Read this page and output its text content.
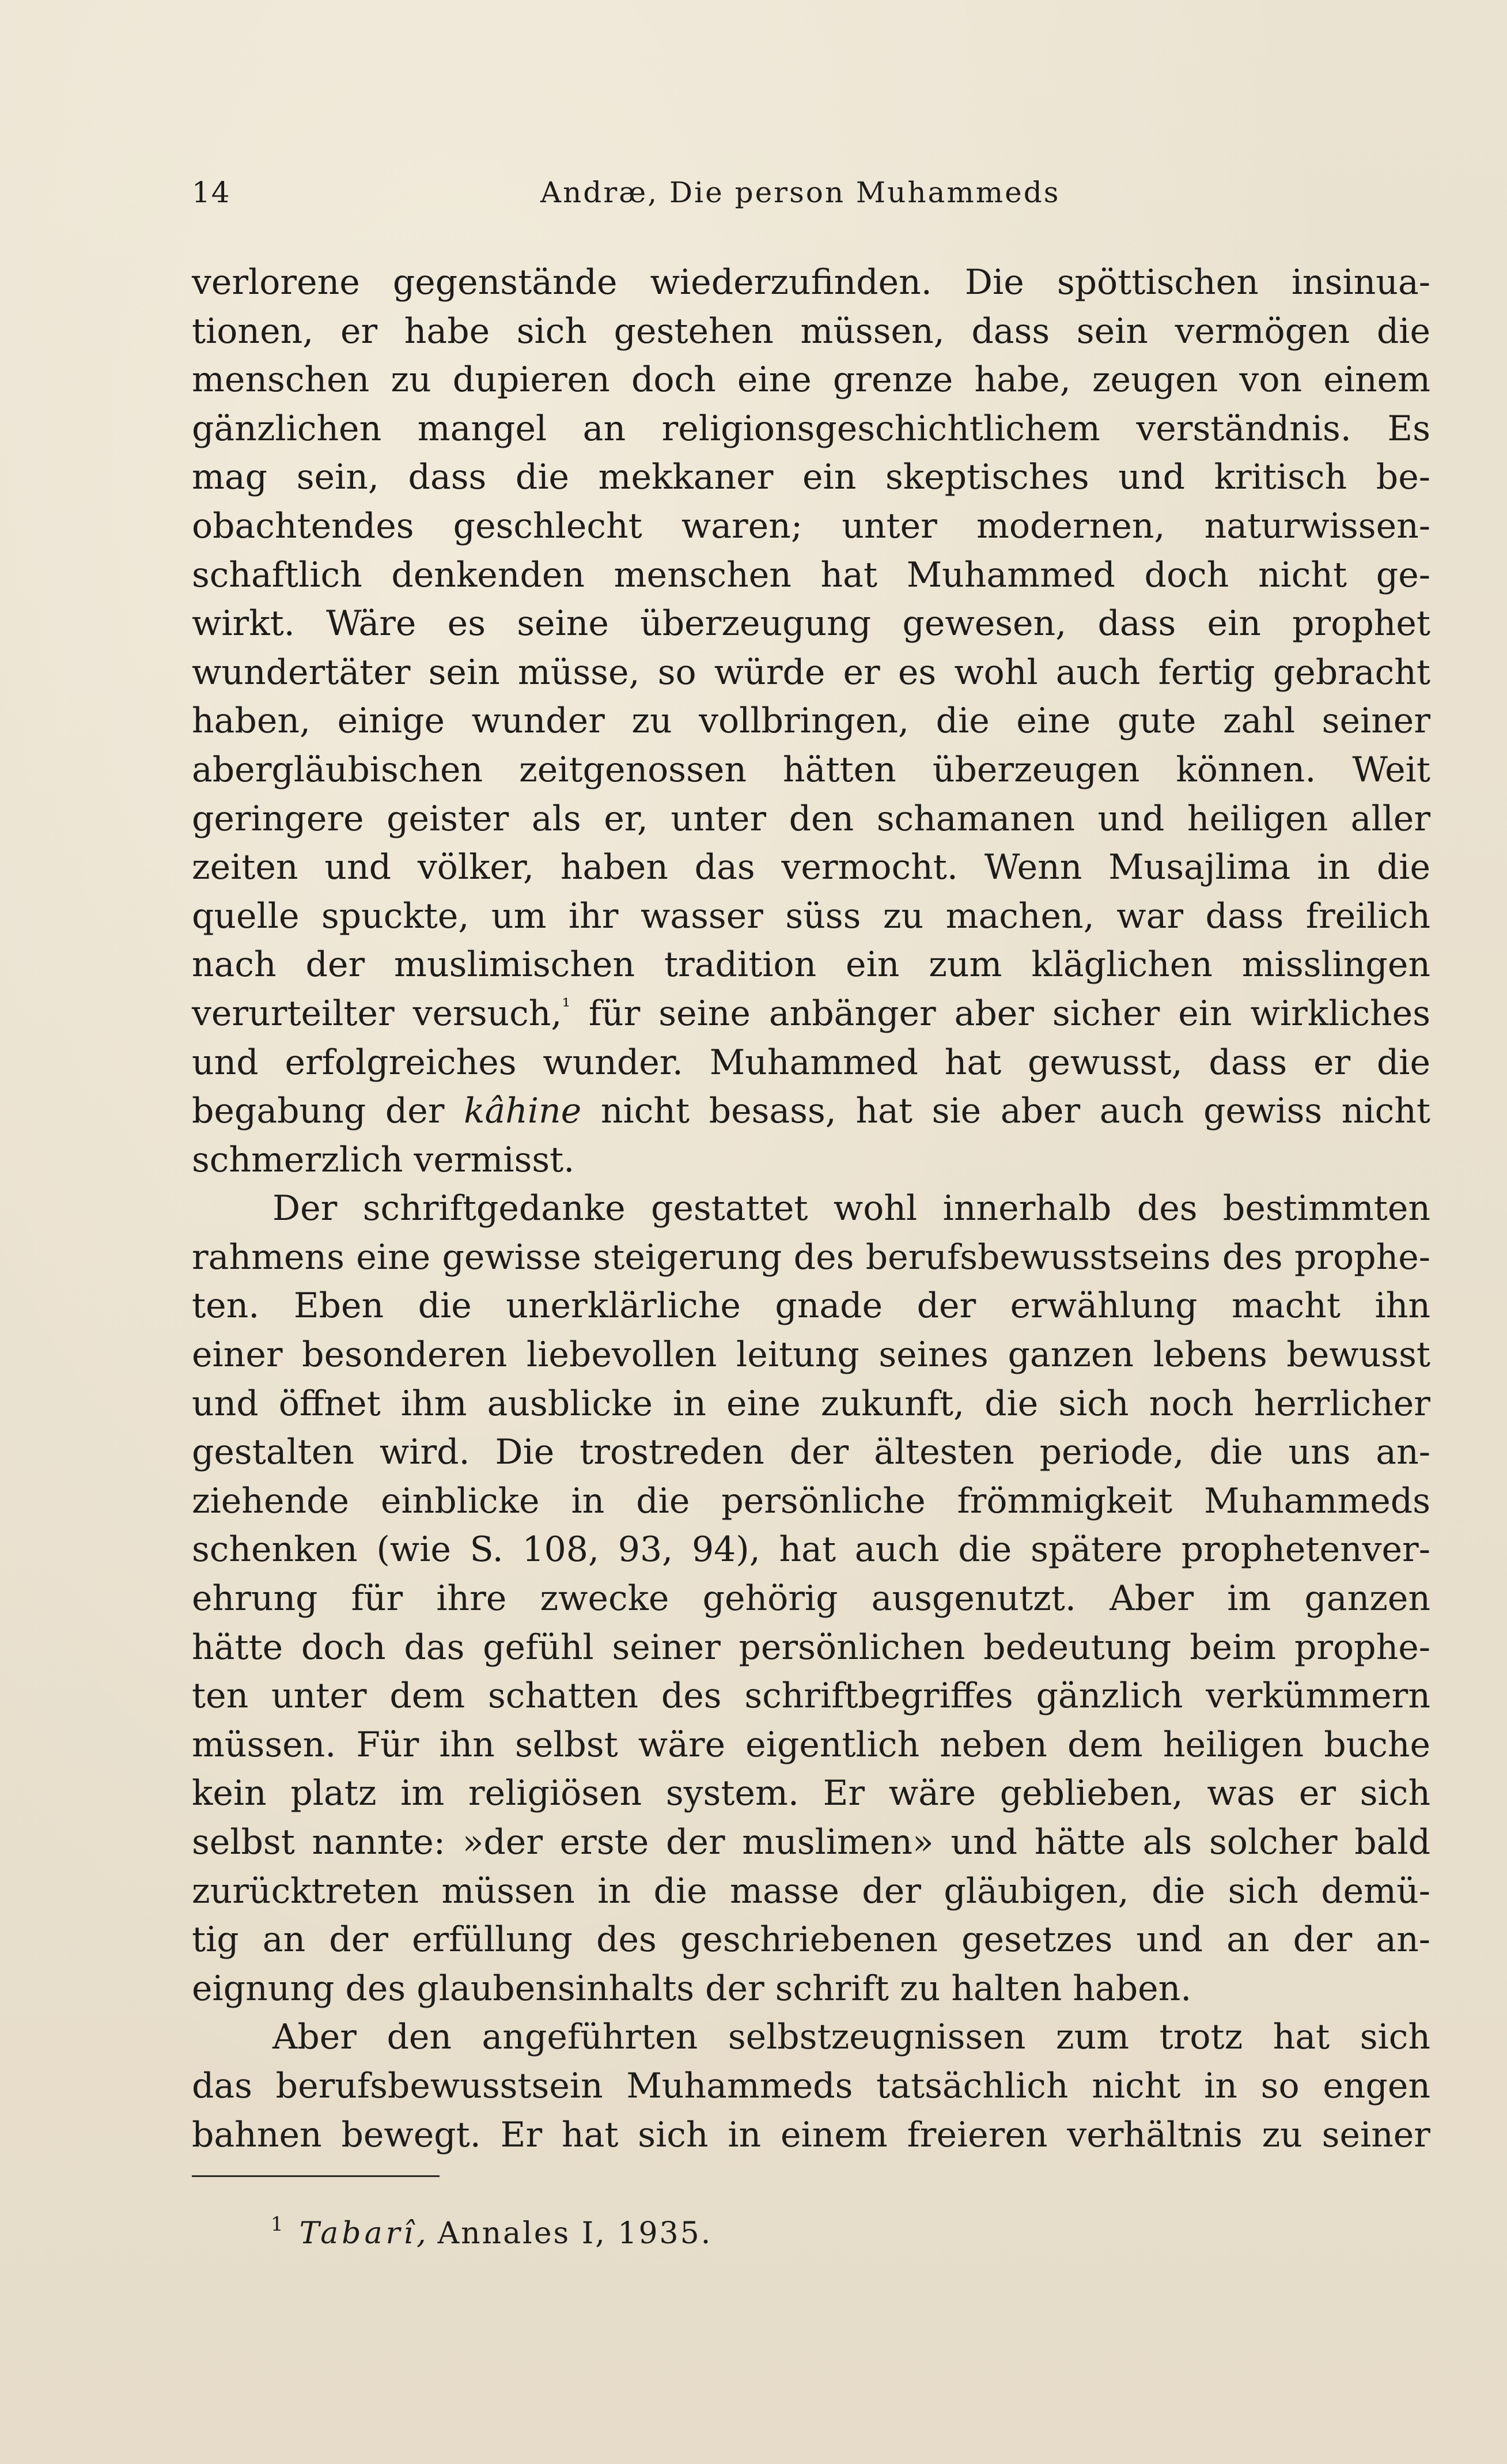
14	Andræ, Die person Muhammeds
verlorene gegenstände wiederzufinden. Die spöttischen insinua-
tionen, er habe sich gestehen müssen, dass sein vermögen die
menschen zu dupieren doch eine grenze habe, zeugen von einem
gänzlichen mangel an religionsgeschichtlichem verständnis. Es
mag sein, dass die mekkaner ein skeptisches und kritisch be-
obachtendes geschlecht waren; unter modernen, naturwissen-
schaftlich denkenden menschen hat Muhammed doch nicht ge-
wirkt. Wäre es seine überzeugung gewesen, dass ein prophet
wundertäter sein müsse, so würde er es wohl auch fertig gebracht
haben, einige wunder zu vollbringen, die eine gute zahl seiner
abergläubischen zeitgenossen hätten überzeugen können. Weit
geringere geister als er, unter den schamanen und heiligen aller
zeiten und völker, haben das vermocht. Wenn Musajlima in die
quelle spuckte, um ihr wasser süss zu machen, war dass freilich
nach der muslimischen tradition ein zum kläglichen misslingen
verurteilter versuch,$^{^1}$ für seine anbänger aber sicher ein wirkliches
und erfolgreiches wunder. Muhammed hat gewusst, dass er die
begabung der kâhine nicht besass, hat sie aber auch gewiss nicht
schmerzlich vermisst.
Der schriftgedanke gestattet wohl innerhalb des bestimmten
rahmens eine gewisse steigerung des berufsbewusstseins des prophe-
ten. Eben die unerklärliche gnade der erwählung macht ihn
einer besonderen liebevollen leitung seines ganzen lebens bewusst
und öffnet ihm ausblicke in eine zukunft, die sich noch herrlicher
gestalten wird. Die trostreden der ältesten periode, die uns an-
ziehende einblicke in die persönliche frömmigkeit Muhammeds
schenken (wie S. 108, 93, 94), hat auch die spätere prophetenver-
ehrung für ihre zwecke gehörig ausgenutzt. Aber im ganzen
hätte doch das gefühl seiner persönlichen bedeutung beim prophe-
ten unter dem schatten des schriftbegriffes gänzlich verkümmern
müssen. Für ihn selbst wäre eigentlich neben dem heiligen buche
kein platz im religiösen system. Er wäre geblieben, was er sich
selbst nannte: »der erste der muslimen» und hätte als solcher bald
zurücktreten müssen in die masse der gläubigen, die sich demü-
tig an der erfüllung des geschriebenen gesetzes und an der an-
eignung des glaubensinhalts der schrift zu halten haben.
Aber den angeführten selbstzeugnissen zum trotz hat sich
das berufsbewusstsein Muhammeds tatsächlich nicht in so engen
bahnen bewegt. Er hat sich in einem freieren verhältnis zu seiner
$^1$ Tabarî, Annales I, 1935.
